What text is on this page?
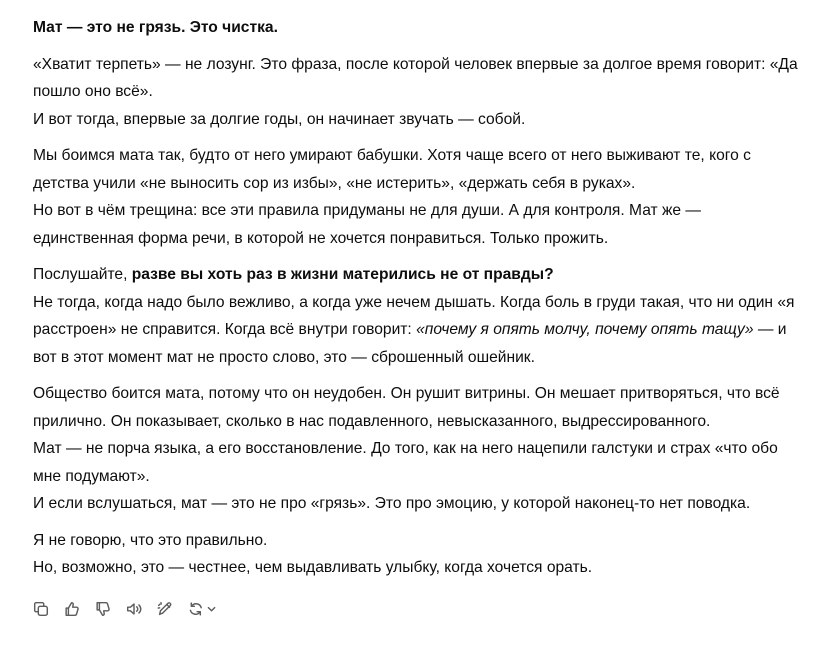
Мат — это не грязь. Это чистка.

«Хватит терпеть» — не лозунг. Это фраза, после которой человек впервые за долгое время говорит: «Да пошло оно всё».
И вот тогда, впервые за долгие годы, он начинает звучать — собой.

Мы боимся мата так, будто от него умирают бабушки. Хотя чаще всего от него выживают те, кого с детства учили «не выносить сор из избы», «не истерить», «держать себя в руках».
Но вот в чём трещина: все эти правила придуманы не для души. А для контроля. Мат же — единственная форма речи, в которой не хочется понравиться. Только прожить.

Послушайте, разве вы хоть раз в жизни матерились не от правды?
Не тогда, когда надо было вежливо, а когда уже нечем дышать. Когда боль в груди такая, что ни один «я расстроен» не справится. Когда всё внутри говорит: «почему я опять молчу, почему опять тащу» — и вот в этот момент мат не просто слово, это — сброшенный ошейник.

Общество боится мата, потому что он неудобен. Он рушит витрины. Он мешает притворяться, что всё прилично. Он показывает, сколько в нас подавленного, невысказанного, выдрессированного.
Мат — не порча языка, а его восстановление. До того, как на него нацепили галстуки и страх «что обо мне подумают».
И если вслушаться, мат — это не про «грязь». Это про эмоцию, у которой наконец-то нет поводка.

Я не говорю, что это правильно.
Но, возможно, это — честнее, чем выдавливать улыбку, когда хочется орать.
